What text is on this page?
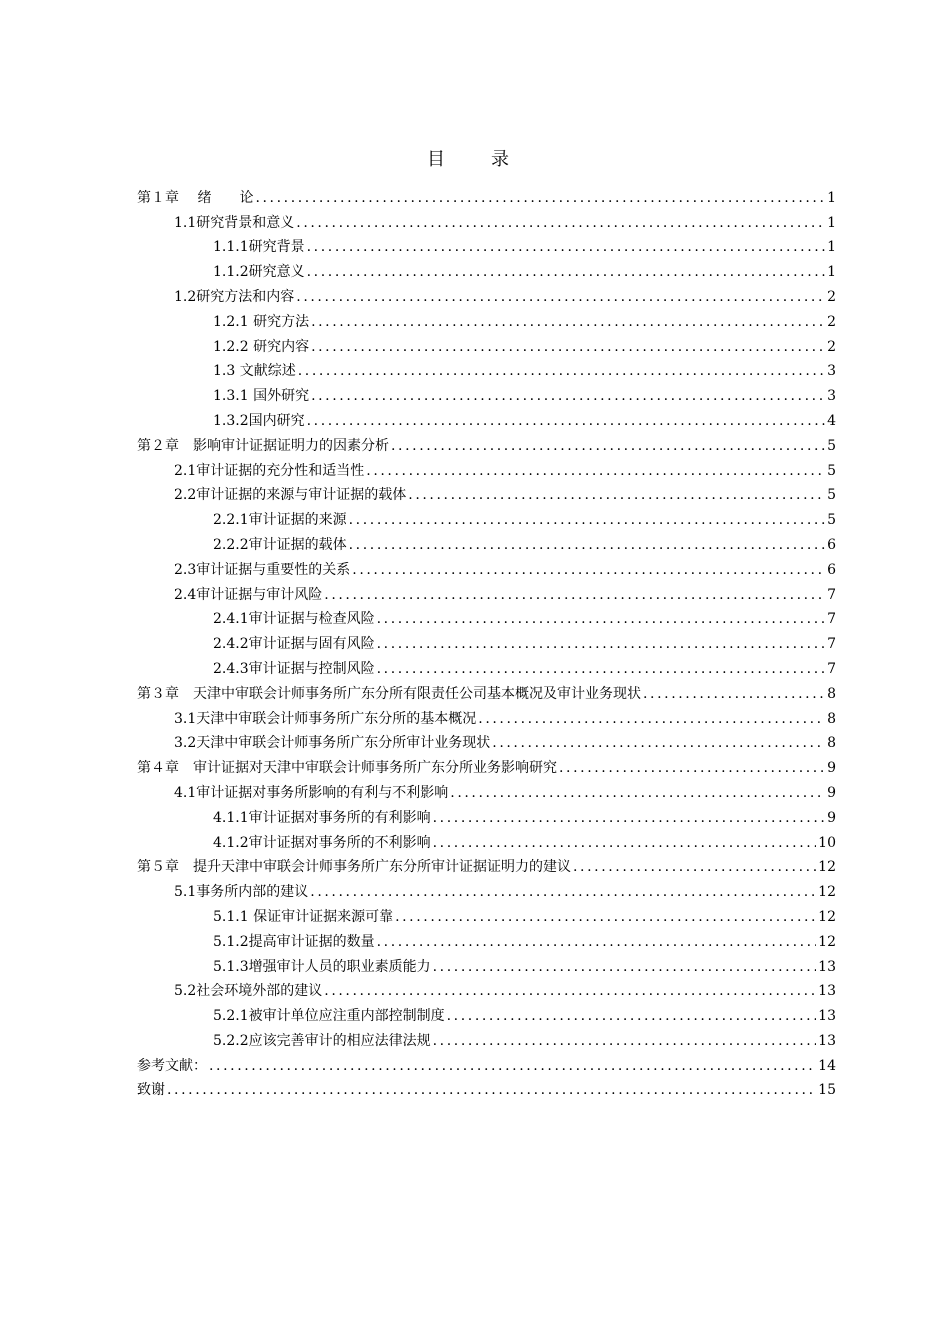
目　录
第１章　 绪　　论 .....	1
1.1研究背景和意义 .....	1
1.1.1研究背景 .....	1
1.1.2研究意义 .....	1
1.2研究方法和内容 .....	2
1.2.1 研究方法 .....	2
1.2.2 研究内容 .....	2
1.3 文献综述 .....	3
1.3.1 国外研究 .....	3
1.3.2国内研究 .....	4
第２章　影响审计证据证明力的因素分析 .....	5
2.1审计证据的充分性和适当性 .....	5
2.2审计证据的来源与审计证据的载体 .....	5
2.2.1审计证据的来源 .....	5
2.2.2审计证据的载体 .....	6
2.3审计证据与重要性的关系 .....	6
2.4审计证据与审计风险 .....	7
2.4.1审计证据与检查风险 .....	7
2.4.2审计证据与固有风险 .....	7
2.4.3审计证据与控制风险 .....	7
第３章　天津中审联会计师事务所广东分所有限责任公司基本概况及审计业务现状 .....	8
3.1天津中审联会计师事务所广东分所的基本概况 .....	8
3.2天津中审联会计师事务所广东分所审计业务现状 .....	8
第４章　审计证据对天津中审联会计师事务所广东分所业务影响研究 .....	9
4.1审计证据对事务所影响的有利与不利影响 .....	9
4.1.1审计证据对事务所的有利影响 .....	9
4.1.2审计证据对事务所的不利影响 .....	10
第５章　提升天津中审联会计师事务所广东分所审计证据证明力的建议 .....	12
5.1事务所内部的建议 .....	12
5.1.1 保证审计证据来源可靠 .....	12
5.1.2提高审计证据的数量 .....	12
5.1.3增强审计人员的职业素质能力 .....	13
5.2社会环境外部的建议 .....	13
5.2.1被审计单位应注重内部控制制度 .....	13
5.2.2应该完善审计的相应法律法规 .....	13
参考文献： .....	14
致谢 .....	15
